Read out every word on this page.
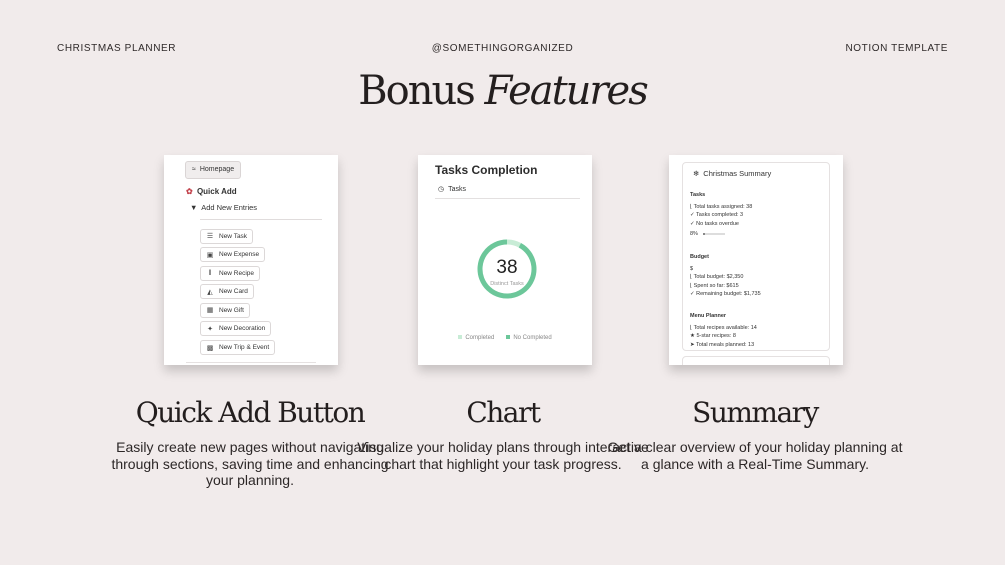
CHRISTMAS PLANNER	@SOMETHINGORGANIZED	NOTION TEMPLATE
Bonus Features
≈ Homepage
✿ Quick Add
▼ Add New Entries
☰ New Task
▣ New Expense
‖	New Recipe
◭ New Card
▦ New Gift
✦ New Decoration
▩ New Trip & Event
Tasks Completion
◷ Tasks
38
Distinct Tasks
Completed	No Completed
❄ Christmas Summary
Tasks
⌊ Total tasks assigned: 38
✓ Tasks completed: 3
✓ No tasks overdue
8%
Budget
$
⌊ Total budget: $2,350
⌊ Spent so far: $615
✓ Remaining budget: $1,735
Menu Planner
⌊ Total recipes available: 14
★ 5-star recipes: 8
➤ Total meals planned: 13
Quick Add Button
Easily create new pages without navigating through sections, saving time and enhancing your planning.
Chart
Visualize your holiday plans through interactive chart that highlight your task progress.
Summary
Get a clear overview of your holiday planning at a glance with a Real-Time Summary.
